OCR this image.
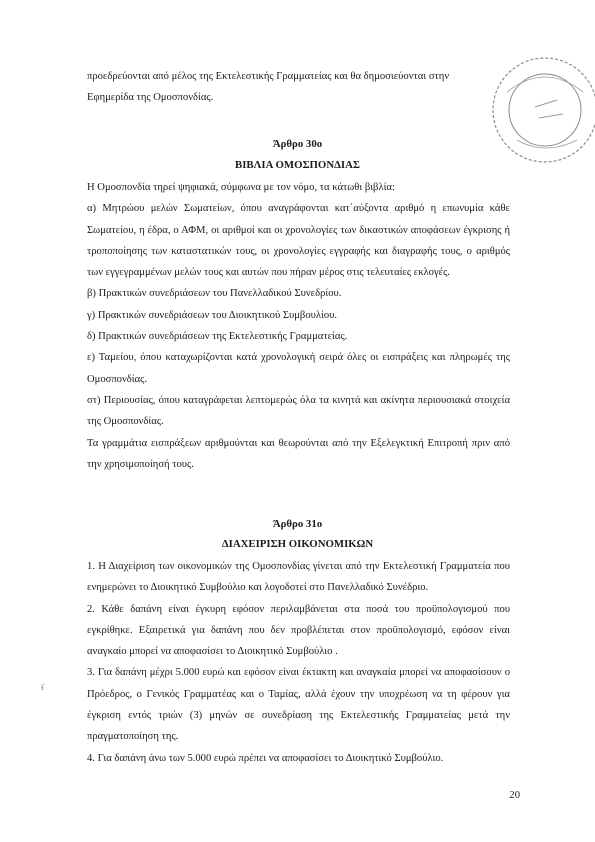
προεδρεύονται από μέλος της Εκτελεστικής Γραμματείας και θα δημοσιεύονται στην

Εφημερίδα της Ομοσπονδίας.

Άρθρο 30ο
ΒΙΒΛΙΑ ΟΜΟΣΠΟΝΔΙΑΣ

Η Ομοσπονδία τηρεί ψηφιακά, σύμφωνα με τον νόμο, τα κάτωθι βιβλία:

α) Μητρώου μελών Σωματείων, όπου αναγράφονται κατ΄αύξοντα αριθμό η επωνυμία κάθε Σωματείου, η έδρα, ο ΑΦΜ, οι αριθμοί και οι χρονολογίες των δικαστικών αποφάσεων έγκρισης ή τροποποίησης των καταστατικών τους, οι χρονολογίες εγγραφής και διαγραφής τους, ο αριθμός των εγγεγραμμένων μελών τους και αυτών που πήραν μέρος στις τελευταίες εκλογές.

β) Πρακτικών συνεδριάσεων του Πανελλαδικού Συνεδρίου.

γ) Πρακτικών συνεδριάσεων του Διοικητικού Συμβουλίου.

δ) Πρακτικών συνεδριάσεων της Εκτελεστικής Γραμματείας.

ε) Ταμείου, όπου καταχωρίζονται κατά χρονολογική σειρά όλες οι εισπράξεις και πληρωμές της Ομοσπονδίας.

στ) Περιουσίας, όπου καταγράφεται λεπτομερώς όλα τα κινητά και ακίνητα περιουσιακά στοιχεία της Ομοσπονδίας.

Τα γραμμάτια εισπράξεων αριθμούνται και θεωρούνται από την Εξελεγκτική Επιτροπή πριν από την χρησιμοποίησή τους.

Άρθρο 31ο
ΔΙΑΧΕΙΡΙΣΗ ΟΙΚΟΝΟΜΙΚΩΝ

1. Η Διαχείριση των οικονομικών της Ομοσπονδίας γίνεται από την Εκτελεστική Γραμματεία που ενημερώνει το Διοικητικό Συμβούλιο και λογοδοτεί στο Πανελλαδικό Συνέδριο.

2. Κάθε δαπάνη είναι έγκυρη εφόσον περιλαμβάνεται στα ποσά του προϋπολογισμού που εγκρίθηκε. Εξαιρετικά για δαπάνη που δεν προβλέπεται στον προϋπολογισμό, εφόσον είναι αναγκαίο μπορεί να αποφασίσει το Διοικητικό Συμβούλιο .

3. Για δαπάνη μέχρι 5.000 ευρώ και εφόσον είναι έκτακτη και αναγκαία μπορεί να αποφασίσουν ο Πρόεδρος, ο Γενικός Γραμματέας και ο Ταμίας, αλλά έχουν την υποχρέωση να τη φέρουν για έγκριση εντός τριών (3) μηνών σε συνεδρίαση της Εκτελεστικής Γραμματείας μετά την πραγματοποίηση της.

4. Για δαπάνη άνω των 5.000 ευρώ πρέπει να αποφασίσει το Διοικητικό Συμβούλιο.

ᵼ̈
20
